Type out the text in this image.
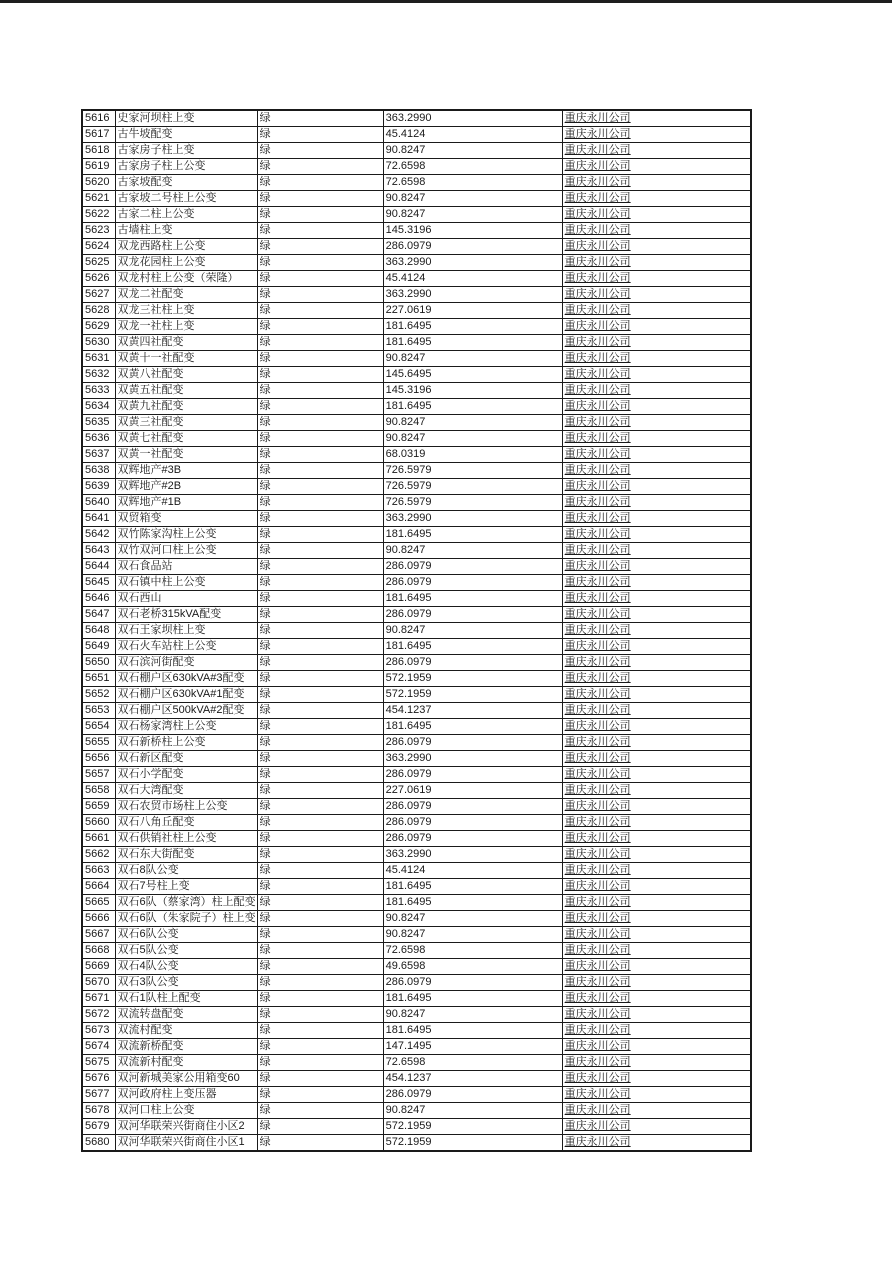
5616	史家河坝柱上变	绿	363.2990	重庆永川公司
5617	古牛坡配变	绿	45.4124	重庆永川公司
5618	古家房子柱上变	绿	90.8247	重庆永川公司
5619	古家房子柱上公变	绿	72.6598	重庆永川公司
5620	古家坡配变	绿	72.6598	重庆永川公司
5621	古家坡二号柱上公变	绿	90.8247	重庆永川公司
5622	古家二柱上公变	绿	90.8247	重庆永川公司
5623	古墙柱上变	绿	145.3196	重庆永川公司
5624	双龙西路柱上公变	绿	286.0979	重庆永川公司
5625	双龙花园柱上公变	绿	363.2990	重庆永川公司
5626	双龙村柱上公变（荣隆）	绿	45.4124	重庆永川公司
5627	双龙二社配变	绿	363.2990	重庆永川公司
5628	双龙三社柱上变	绿	227.0619	重庆永川公司
5629	双龙一社柱上变	绿	181.6495	重庆永川公司
5630	双黄四社配变	绿	181.6495	重庆永川公司
5631	双黄十一社配变	绿	90.8247	重庆永川公司
5632	双黄八社配变	绿	145.6495	重庆永川公司
5633	双黄五社配变	绿	145.3196	重庆永川公司
5634	双黄九社配变	绿	181.6495	重庆永川公司
5635	双黄三社配变	绿	90.8247	重庆永川公司
5636	双黄七社配变	绿	90.8247	重庆永川公司
5637	双黄一社配变	绿	68.0319	重庆永川公司
5638	双辉地产#3B	绿	726.5979	重庆永川公司
5639	双辉地产#2B	绿	726.5979	重庆永川公司
5640	双辉地产#1B	绿	726.5979	重庆永川公司
5641	双贸箱变	绿	363.2990	重庆永川公司
5642	双竹陈家沟柱上公变	绿	181.6495	重庆永川公司
5643	双竹双河口柱上公变	绿	90.8247	重庆永川公司
5644	双石食品站	绿	286.0979	重庆永川公司
5645	双石镇中柱上公变	绿	286.0979	重庆永川公司
5646	双石西山	绿	181.6495	重庆永川公司
5647	双石老桥315kVA配变	绿	286.0979	重庆永川公司
5648	双石王家坝柱上变	绿	90.8247	重庆永川公司
5649	双石火车站柱上公变	绿	181.6495	重庆永川公司
5650	双石滨河街配变	绿	286.0979	重庆永川公司
5651	双石棚户区630kVA#3配变	绿	572.1959	重庆永川公司
5652	双石棚户区630kVA#1配变	绿	572.1959	重庆永川公司
5653	双石棚户区500kVA#2配变	绿	454.1237	重庆永川公司
5654	双石杨家湾柱上公变	绿	181.6495	重庆永川公司
5655	双石新桥柱上公变	绿	286.0979	重庆永川公司
5656	双石新区配变	绿	363.2990	重庆永川公司
5657	双石小学配变	绿	286.0979	重庆永川公司
5658	双石大湾配变	绿	227.0619	重庆永川公司
5659	双石农贸市场柱上公变	绿	286.0979	重庆永川公司
5660	双石八角丘配变	绿	286.0979	重庆永川公司
5661	双石供销社柱上公变	绿	286.0979	重庆永川公司
5662	双石东大街配变	绿	363.2990	重庆永川公司
5663	双石8队公变	绿	45.4124	重庆永川公司
5664	双石7号柱上变	绿	181.6495	重庆永川公司
5665	双石6队（蔡家湾）柱上配变	绿	181.6495	重庆永川公司
5666	双石6队（朱家院子）柱上变	绿	90.8247	重庆永川公司
5667	双石6队公变	绿	90.8247	重庆永川公司
5668	双石5队公变	绿	72.6598	重庆永川公司
5669	双石4队公变	绿	49.6598	重庆永川公司
5670	双石3队公变	绿	286.0979	重庆永川公司
5671	双石1队柱上配变	绿	181.6495	重庆永川公司
5672	双流转盘配变	绿	90.8247	重庆永川公司
5673	双流村配变	绿	181.6495	重庆永川公司
5674	双流新桥配变	绿	147.1495	重庆永川公司
5675	双流新村配变	绿	72.6598	重庆永川公司
5676	双河新城美家公用箱变60	绿	454.1237	重庆永川公司
5677	双河政府柱上变压器	绿	286.0979	重庆永川公司
5678	双河口柱上公变	绿	90.8247	重庆永川公司
5679	双河华联荣兴街商住小区2	绿	572.1959	重庆永川公司
5680	双河华联荣兴街商住小区1	绿	572.1959	重庆永川公司
